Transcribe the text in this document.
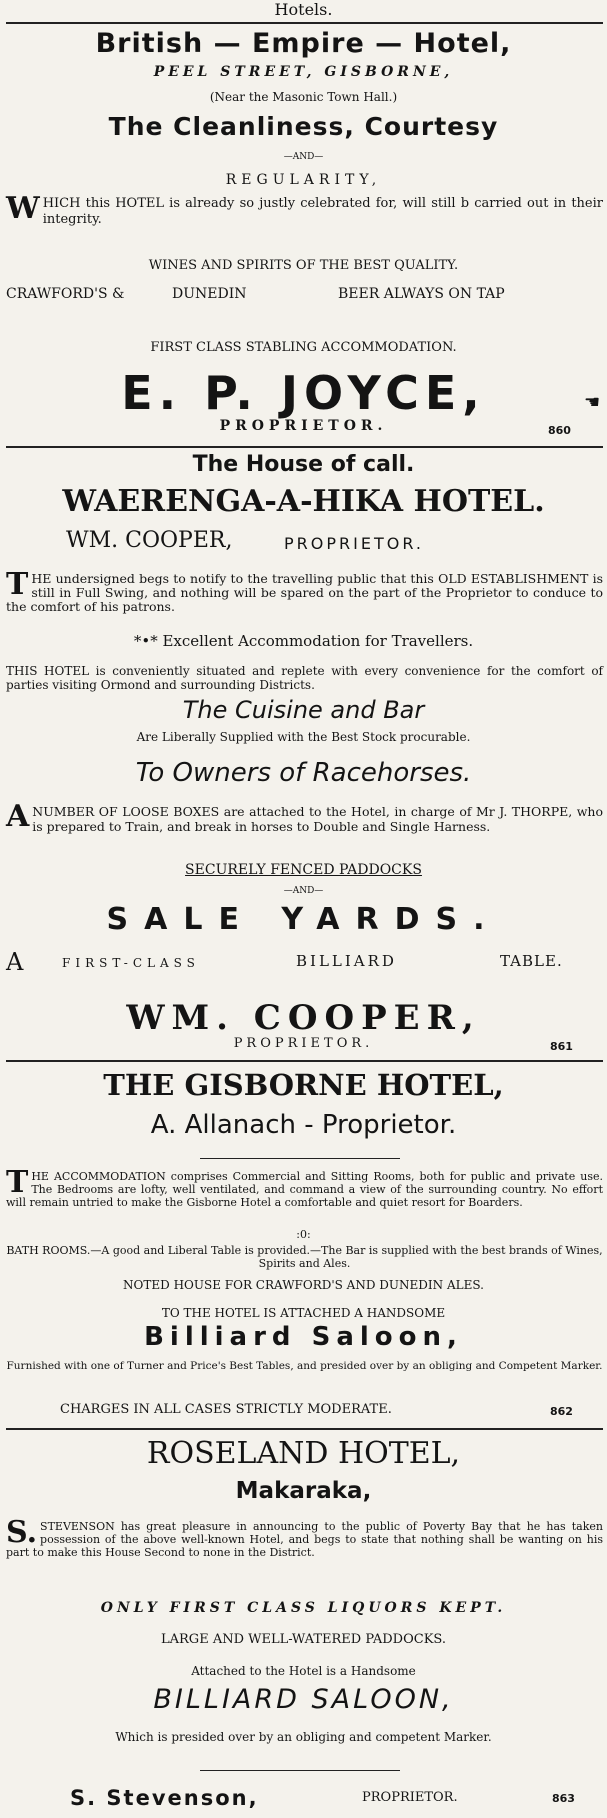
Hotels.
British — Empire — Hotel,
PEEL STREET, GISBORNE,
(Near the Masonic Town Hall.)
The Cleanliness, Courtesy
—AND—
REGULARITY,
WHICH this HOTEL is already so justly celebrated for, will still b carried out in their integrity.
WINES AND SPIRITS OF THE BEST QUALITY.
CRAWFORD'S &	DUNEDIN	BEER ALWAYS ON TAP
FIRST CLASS STABLING ACCOMMODATION.
E. P. JOYCE,
PROPRIETOR.	860
☚
The House of call.
WAERENGA-A-HIKA HOTEL.
WM. COOPER,	PROPRIETOR.
THE undersigned begs to notify to the travelling public that this OLD ESTABLISHMENT is still in Full Swing, and nothing will be spared on the part of the Proprietor to conduce to the comfort of his patrons.
*•* Excellent Accommodation for Travellers.
THIS HOTEL is conveniently situated and replete with every convenience for the comfort of parties visiting Ormond and surrounding Districts.
The Cuisine and Bar
Are Liberally Supplied with the Best Stock procurable.
To Owners of Racehorses.
ANUMBER OF LOOSE BOXES are attached to the Hotel, in charge of Mr J. THORPE, who is prepared to Train, and break in horses to Double and Single Harness.
SECURELY FENCED PADDOCKS
—AND—
SALE YARDS.
A	FIRST-CLASS	BILLIARD	TABLE.
WM. COOPER,
PROPRIETOR.	861
THE GISBORNE HOTEL,
A. Allanach - Proprietor.
THE ACCOMMODATION comprises Commercial and Sitting Rooms, both for public and private use. The Bedrooms are lofty, well ventilated, and command a view of the surrounding country. No effort will remain untried to make the Gisborne Hotel a comfortable and quiet resort for Boarders.
:0:
BATH ROOMS.—A good and Liberal Table is provided.—The Bar is supplied with the best brands of Wines, Spirits and Ales.
NOTED HOUSE FOR CRAWFORD'S AND DUNEDIN ALES.
TO THE HOTEL IS ATTACHED A HANDSOME
Billiard Saloon,
Furnished with one of Turner and Price's Best Tables, and presided over by an obliging and Competent Marker.
CHARGES IN ALL CASES STRICTLY MODERATE.	862
ROSELAND HOTEL,
Makaraka,
S. STEVENSON has great pleasure in announcing to the public of Poverty Bay that he has taken possession of the above well-known Hotel, and begs to state that nothing shall be wanting on his part to make this House Second to none in the District.
ONLY FIRST CLASS LIQUORS KEPT.
LARGE AND WELL-WATERED PADDOCKS.
Attached to the Hotel is a Handsome
BILLIARD SALOON,
Which is presided over by an obliging and competent Marker.
S. Stevenson,	PROPRIETOR.	863
